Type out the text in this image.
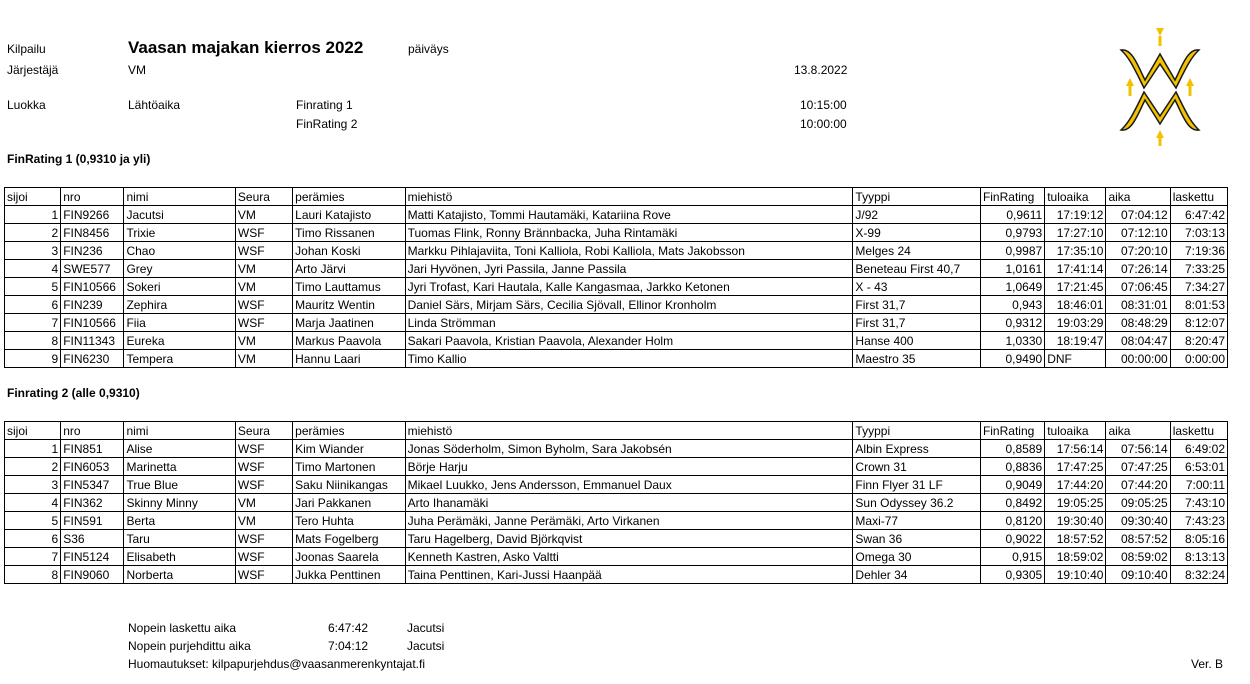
Kilpailu	Vaasan majakan kierros 2022	päiväys
Järjestäjä	VM	13.8.2022
Luokka	Lähtöaika	Finrating 1	10:15:00
FinRating 2	10:00:00
FinRating 1 (0,9310 ja yli)
sijoi	nro	nimi	Seura	perämies	miehistö	Tyyppi	FinRating	tuloaika	aika	laskettu
1	FIN9266	Jacutsi	VM	Lauri Katajisto	Matti Katajisto, Tommi Hautamäki, Katariina Rove	J/92	0,9611	17:19:12	07:04:12	6:47:42
2	FIN8456	Trixie	WSF	Timo Rissanen	Tuomas Flink, Ronny Brännbacka, Juha Rintamäki	X-99	0,9793	17:27:10	07:12:10	7:03:13
3	FIN236	Chao	WSF	Johan Koski	Markku Pihlajaviita, Toni Kalliola, Robi Kalliola, Mats Jakobsson	Melges 24	0,9987	17:35:10	07:20:10	7:19:36
4	SWE577	Grey	VM	Arto Järvi	Jari Hyvönen, Jyri Passila, Janne Passila	Beneteau First 40,7	1,0161	17:41:14	07:26:14	7:33:25
5	FIN10566	Sokeri	VM	Timo Lauttamus	Jyri Trofast, Kari Hautala, Kalle Kangasmaa, Jarkko Ketonen	X - 43	1,0649	17:21:45	07:06:45	7:34:27
6	FIN239	Zephira	WSF	Mauritz Wentin	Daniel Särs, Mirjam Särs, Cecilia Sjövall, Ellinor Kronholm	First 31,7	0,943	18:46:01	08:31:01	8:01:53
7	FIN10566	Fiia	WSF	Marja Jaatinen	Linda Strömman	First 31,7	0,9312	19:03:29	08:48:29	8:12:07
8	FIN11343	Eureka	VM	Markus Paavola	Sakari Paavola, Kristian Paavola, Alexander Holm	Hanse 400	1,0330	18:19:47	08:04:47	8:20:47
9	FIN6230	Tempera	VM	Hannu Laari	Timo Kallio	Maestro 35	0,9490	DNF	00:00:00	0:00:00
Finrating 2 (alle 0,9310)
sijoi	nro	nimi	Seura	perämies	miehistö	Tyyppi	FinRating	tuloaika	aika	laskettu
1	FIN851	Alise	WSF	Kim Wiander	Jonas Söderholm, Simon Byholm, Sara Jakobsén	Albin Express	0,8589	17:56:14	07:56:14	6:49:02
2	FIN6053	Marinetta	WSF	Timo Martonen	Börje Harju	Crown 31	0,8836	17:47:25	07:47:25	6:53:01
3	FIN5347	True Blue	WSF	Saku Niinikangas	Mikael Luukko, Jens Andersson, Emmanuel Daux	Finn Flyer 31 LF	0,9049	17:44:20	07:44:20	7:00:11
4	FIN362	Skinny Minny	VM	Jari Pakkanen	Arto Ihanamäki	Sun Odyssey 36.2	0,8492	19:05:25	09:05:25	7:43:10
5	FIN591	Berta	VM	Tero Huhta	Juha Perämäki, Janne Perämäki, Arto Virkanen	Maxi-77	0,8120	19:30:40	09:30:40	7:43:23
6	S36	Taru	WSF	Mats Fogelberg	Taru Hagelberg, David Björkqvist	Swan 36	0,9022	18:57:52	08:57:52	8:05:16
7	FIN5124	Elisabeth	WSF	Joonas Saarela	Kenneth Kastren, Asko Valtti	Omega 30	0,915	18:59:02	08:59:02	8:13:13
8	FIN9060	Norberta	WSF	Jukka Penttinen	Taina Penttinen, Kari-Jussi Haanpää	Dehler 34	0,9305	19:10:40	09:10:40	8:32:24
Nopein laskettu aika	6:47:42	Jacutsi
Nopein purjehdittu aika	7:04:12	Jacutsi
Huomautukset: kilpapurjehdus@vaasanmerenkyntajat.fi	Ver. B
